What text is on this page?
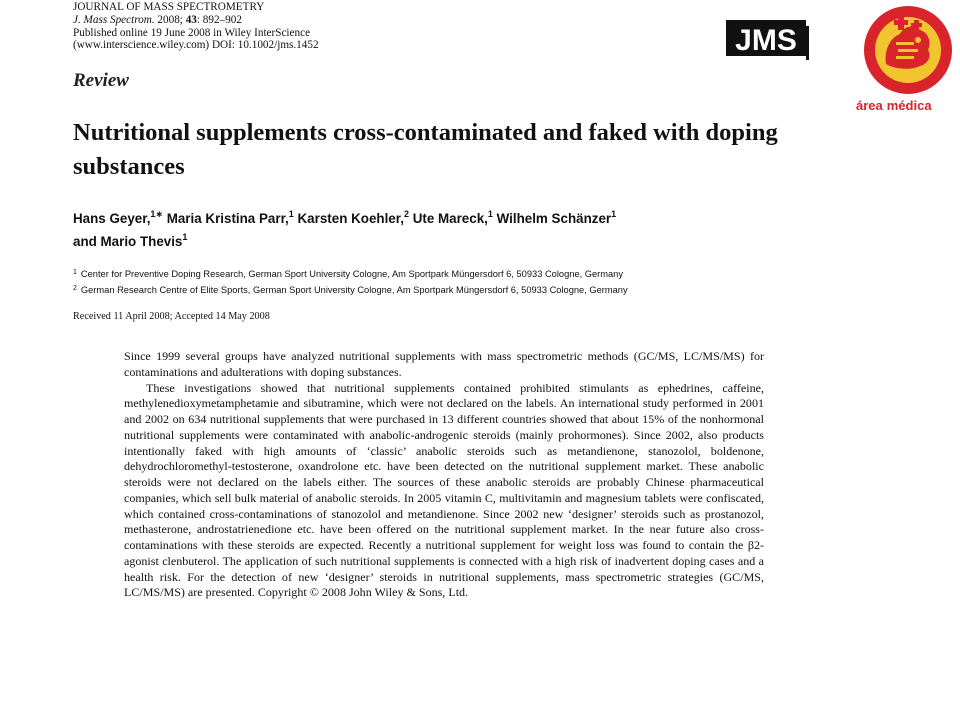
JOURNAL OF MASS SPECTROMETRY
J. Mass Spectrom. 2008; 43: 892–902
Published online 19 June 2008 in Wiley InterScience
(www.interscience.wiley.com) DOI: 10.1002/jms.1452	JMS
área médica
Review
Nutritional supplements cross-contaminated and faked with doping substances
Hans Geyer,$^{1∗}$ Maria Kristina Parr,$^1$ Karsten Koehler,$^2$ Ute Mareck,$^1$ Wilhelm Schänzer$^1$
and Mario Thevis$^1$
$^1$ Center for Preventive Doping Research, German Sport University Cologne, Am Sportpark Müngersdorf 6, 50933 Cologne, Germany
$^2$ German Research Centre of Elite Sports, German Sport University Cologne, Am Sportpark Müngersdorf 6, 50933 Cologne, Germany
Received 11 April 2008; Accepted 14 May 2008

Since 1999 several groups have analyzed nutritional supplements with mass spectrometric methods (GC/MS, LC/MS/MS) for contaminations and adulterations with doping substances.

These investigations showed that nutritional supplements contained prohibited stimulants as ephedrines, caffeine, methylenedioxymetamphetamie and sibutramine, which were not declared on the labels. An international study performed in 2001 and 2002 on 634 nutritional supplements that were purchased in 13 different countries showed that about 15% of the nonhormonal nutritional supplements were contaminated with anabolic-androgenic steroids (mainly prohormones). Since 2002, also products intentionally faked with high amounts of ‘classic’ anabolic steroids such as metandienone, stanozolol, boldenone, dehydrochloromethyl-testosterone, oxandrolone etc. have been detected on the nutritional supplement market. These anabolic steroids were not declared on the labels either. The sources of these anabolic steroids are probably Chinese pharmaceutical companies, which sell bulk material of anabolic steroids. In 2005 vitamin C, multivitamin and magnesium tablets were confiscated, which contained cross-contaminations of stanozolol and metandienone. Since 2002 new ‘designer’ steroids such as prostanozol, methasterone, androstatrienedione etc. have been offered on the nutritional supplement market. In the near future also cross-contaminations with these steroids are expected. Recently a nutritional supplement for weight loss was found to contain the β2-agonist clenbuterol. The application of such nutritional supplements is connected with a high risk of inadvertent doping cases and a health risk. For the detection of new ‘designer’ steroids in nutritional supplements, mass spectrometric strategies (GC/MS, LC/MS/MS) are presented. Copyright © 2008 John Wiley & Sons, Ltd.
